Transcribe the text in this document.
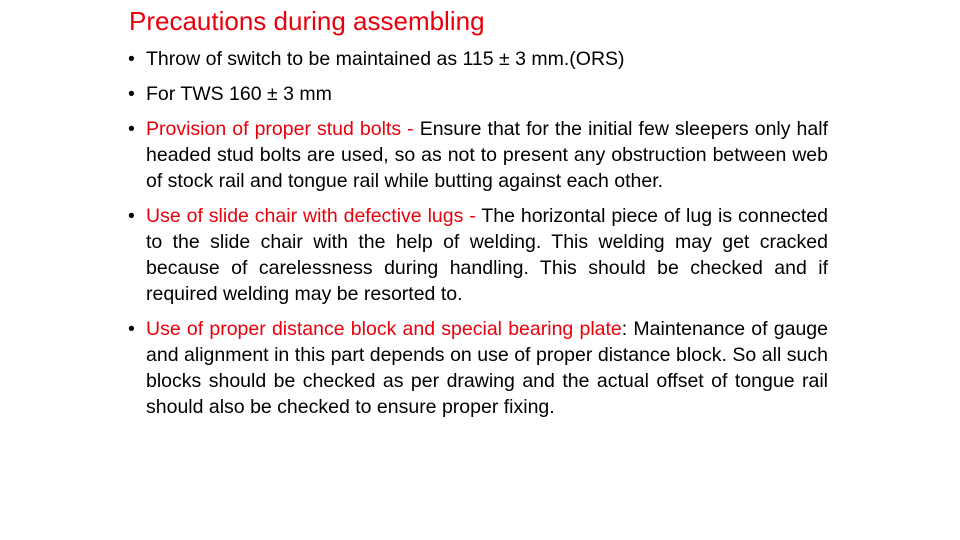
Precautions during assembling
• Throw of switch to be maintained as 115 ± 3 mm.(ORS)
• For TWS 160 ± 3 mm
• Provision of proper stud bolts - Ensure that for the initial few sleepers only half headed stud bolts are used, so as not to present any obstruction between web of stock rail and tongue rail while butting against each other.
• Use of slide chair with defective lugs - The horizontal piece of lug is connected to the slide chair with the help of welding. This welding may get cracked because of carelessness during handling. This should be checked and if required welding may be resorted to.
• Use of proper distance block and special bearing plate: Maintenance of gauge and alignment in this part depends on use of proper distance block. So all such blocks should be checked as per drawing and the actual offset of tongue rail should also be checked to ensure proper fixing.
